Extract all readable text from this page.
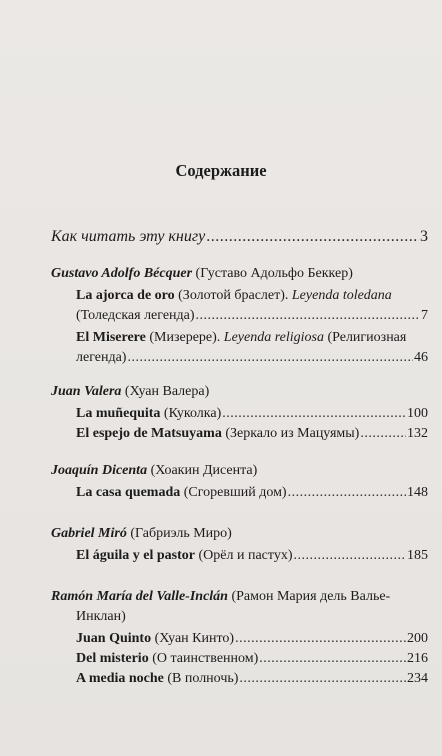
Содержание
Как читать эту книгу .....	3
Gustavo Adolfo Bécquer (Густаво Адольфо Беккер)
La ajorca de oro (Золотой браслет). Leyenda toledana
(Толедская легенда) .....	7
El Miserere (Мизерере). Leyenda religiosa (Религиозная
легенда) .....	46
Juan Valera (Хуан Валера)
La muñequita (Куколка) .....	100
El espejo de Matsuyama (Зеркало из Мацуямы) .....	132
Joaquín Dicenta (Хоакин Дисента)
La casa quemada (Сгоревший дом) .....	148
Gabriel Miró (Габриэль Миро)
El águila y el pastor (Орёл и пастух) .....	185
Ramón María del Valle-Inclán (Рамон Мария дель Валье-
Инклан)
Juan Quinto (Хуан Кинто) .....	200
Del misterio (О таинственном) .....	216
A media noche (В полночь) .....	234
